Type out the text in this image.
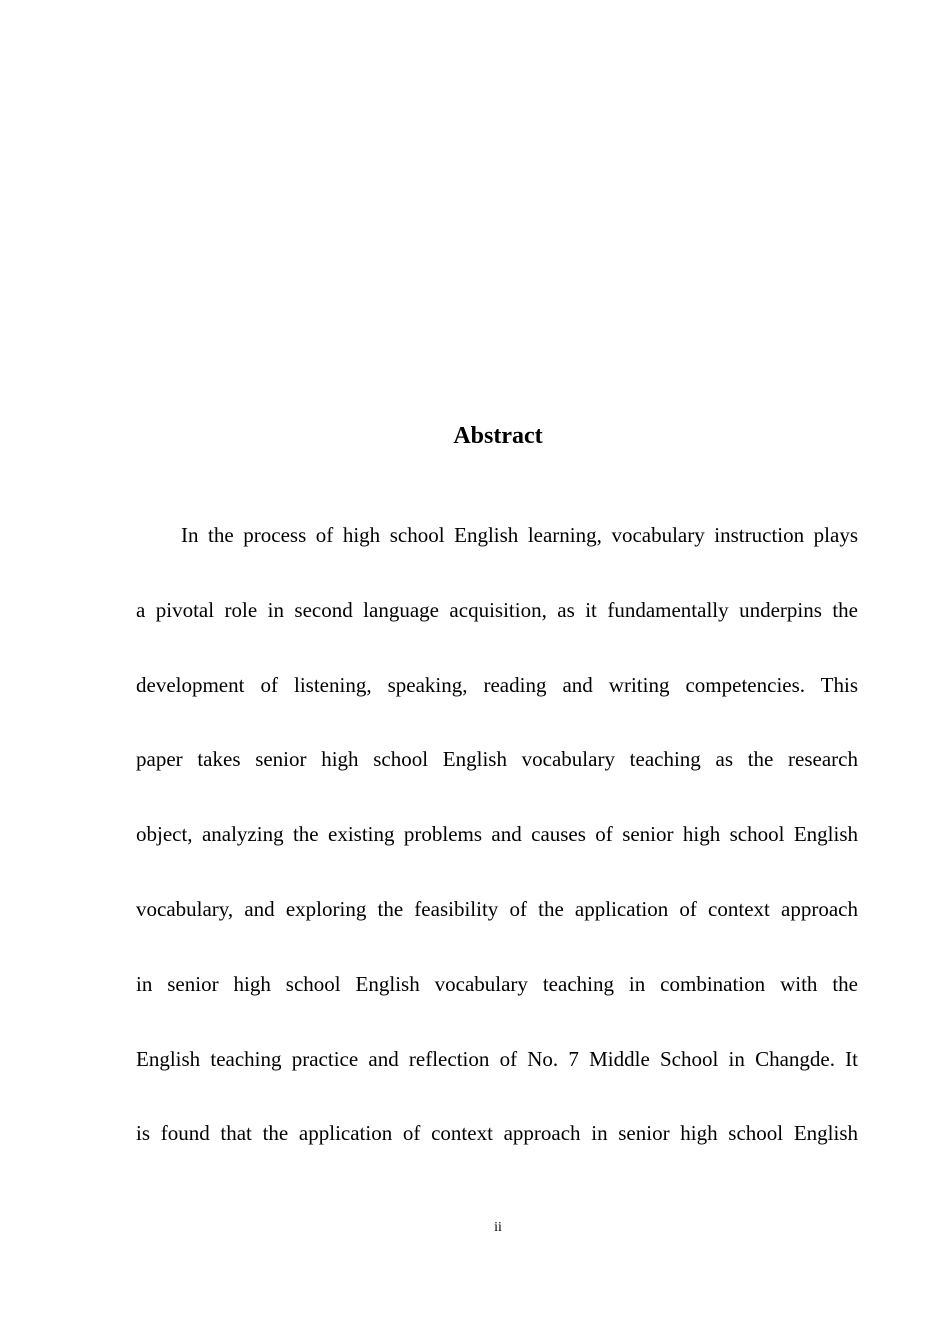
Abstract
In the process of high school English learning, vocabulary instruction plays
a pivotal role in second language acquisition, as it fundamentally underpins the
development of listening, speaking, reading and writing competencies. This
paper takes senior high school English vocabulary teaching as the research
object, analyzing the existing problems and causes of senior high school English
vocabulary, and exploring the feasibility of the application of context approach
in senior high school English vocabulary teaching in combination with the
English teaching practice and reflection of No. 7 Middle School in Changde. It
is found that the application of context approach in senior high school English
ii
